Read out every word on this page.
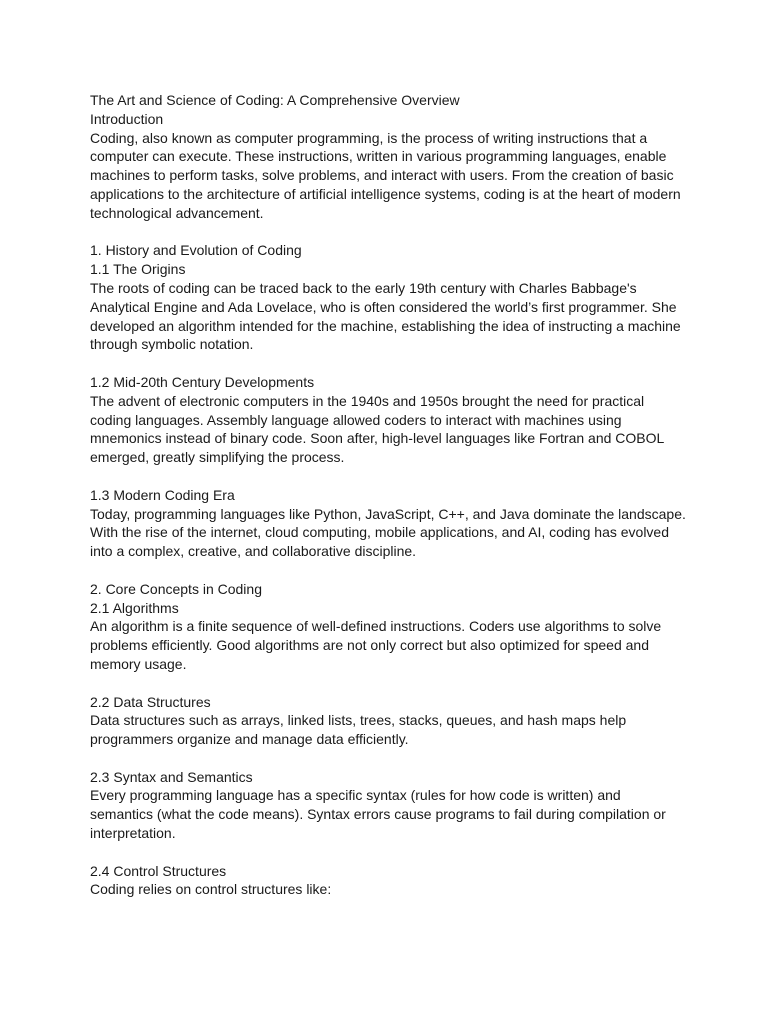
The Art and Science of Coding: A Comprehensive Overview
Introduction
Coding, also known as computer programming, is the process of writing instructions that a
computer can execute. These instructions, written in various programming languages, enable
machines to perform tasks, solve problems, and interact with users. From the creation of basic
applications to the architecture of artificial intelligence systems, coding is at the heart of modern
technological advancement.
1. History and Evolution of Coding
1.1 The Origins
The roots of coding can be traced back to the early 19th century with Charles Babbage's
Analytical Engine and Ada Lovelace, who is often considered the world’s first programmer. She
developed an algorithm intended for the machine, establishing the idea of instructing a machine
through symbolic notation.
1.2 Mid-20th Century Developments
The advent of electronic computers in the 1940s and 1950s brought the need for practical
coding languages. Assembly language allowed coders to interact with machines using
mnemonics instead of binary code. Soon after, high-level languages like Fortran and COBOL
emerged, greatly simplifying the process.
1.3 Modern Coding Era
Today, programming languages like Python, JavaScript, C++, and Java dominate the landscape.
With the rise of the internet, cloud computing, mobile applications, and AI, coding has evolved
into a complex, creative, and collaborative discipline.
2. Core Concepts in Coding
2.1 Algorithms
An algorithm is a finite sequence of well-defined instructions. Coders use algorithms to solve
problems efficiently. Good algorithms are not only correct but also optimized for speed and
memory usage.
2.2 Data Structures
Data structures such as arrays, linked lists, trees, stacks, queues, and hash maps help
programmers organize and manage data efficiently.
2.3 Syntax and Semantics
Every programming language has a specific syntax (rules for how code is written) and
semantics (what the code means). Syntax errors cause programs to fail during compilation or
interpretation.
2.4 Control Structures
Coding relies on control structures like:
